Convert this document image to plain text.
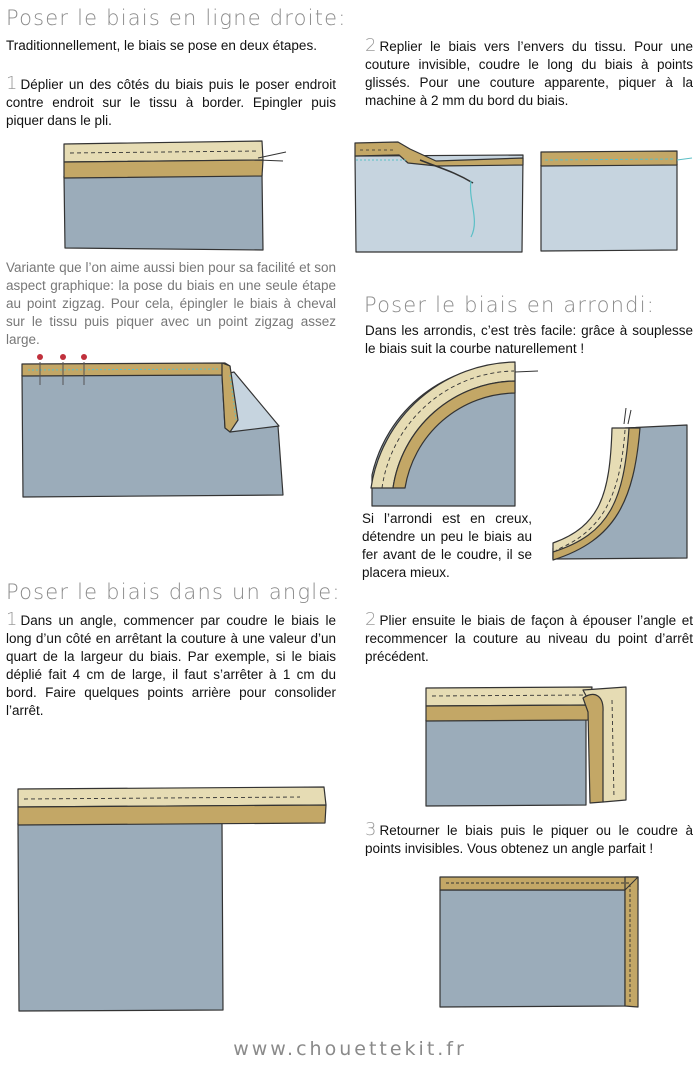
Poser le biais en ligne droite:
Traditionnellement, le biais se pose en deux étapes.
1 Déplier un des côtés du biais puis le poser endroit contre endroit sur le tissu à border. Epingler puis piquer dans le pli.
2 Replier le biais vers l’envers du tissu. Pour une couture invisible, coudre le long du biais à points glissés. Pour une couture apparente, piquer à la machine à 2 mm du bord du biais.
Variante que l’on aime aussi bien pour sa facilité et son aspect graphique: la pose du biais en une seule étape au point zigzag. Pour cela, épingler le biais à cheval sur le tissu puis piquer avec un point zigzag assez large.
Poser le biais en arrondi:
Dans les arrondis, c’est très facile: grâce à souplesse le biais suit la courbe naturellement !
Si l’arrondi est en creux, détendre un peu le biais au fer avant de le coudre, il se placera mieux.
Poser le biais dans un angle:
1 Dans un angle, commencer par coudre le biais le long d’un côté en arrêtant la couture à une valeur d’un quart de la largeur du biais. Par exemple, si le biais déplié fait 4 cm de large, il faut s’arrêter à 1 cm du bord. Faire quelques points arrière pour consolider l’arrêt.
2 Plier ensuite le biais de façon à épouser l’angle et recommencer la couture au niveau du point d’arrêt précédent.
3 Retourner le biais puis le piquer ou le coudre à points invisibles. Vous obtenez un angle parfait !
www.chouettekit.fr
